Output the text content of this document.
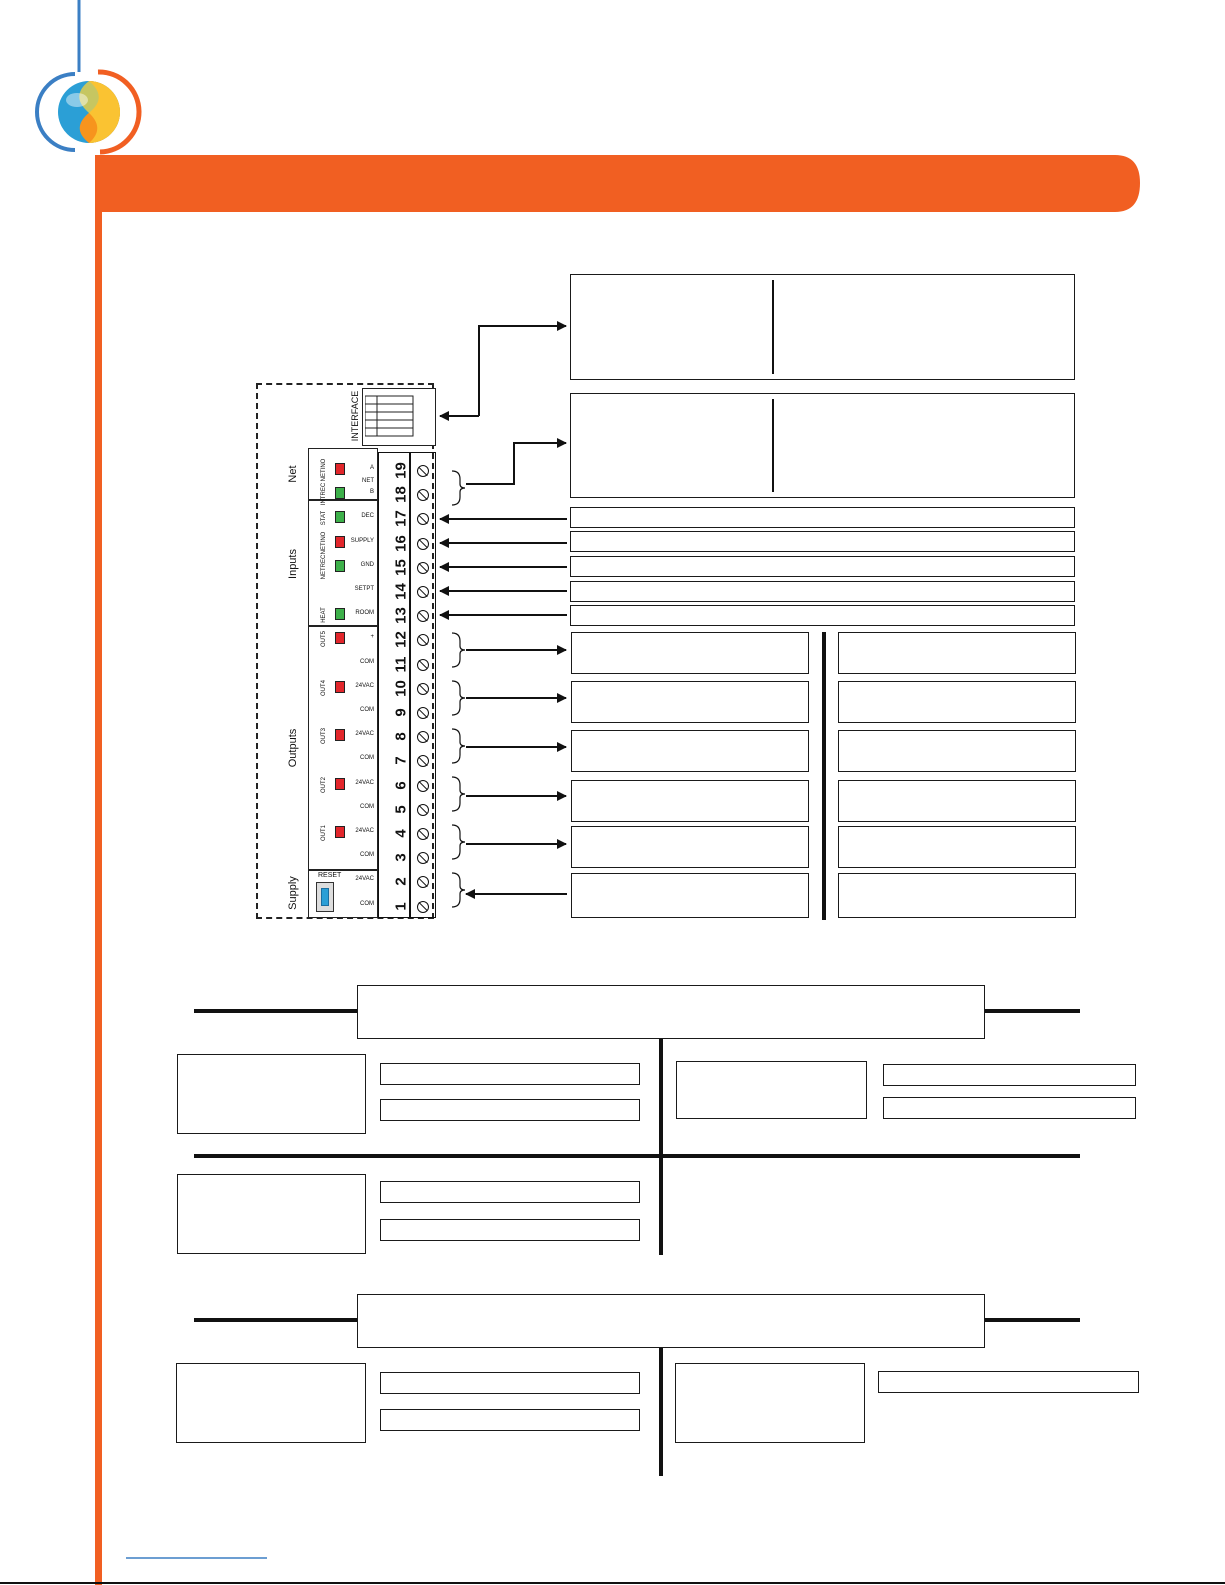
INTERFACE
Net
Inputs
Outputs
Supply
RESET
19
A
NETINO
18
B
INTREC
17
DEC
STAT
16
SUPPLY
NETINO
15
GND
NETREC
14
SETPT
13
ROOM
HEAT
12
+
OUT5
11
COM
10
24VAC
OUT4
9
COM
8
24VAC
OUT3
7
COM
6
24VAC
OUT2
5
COM
4
24VAC
OUT1
3
COM
2
24VAC
1
COM
NET
